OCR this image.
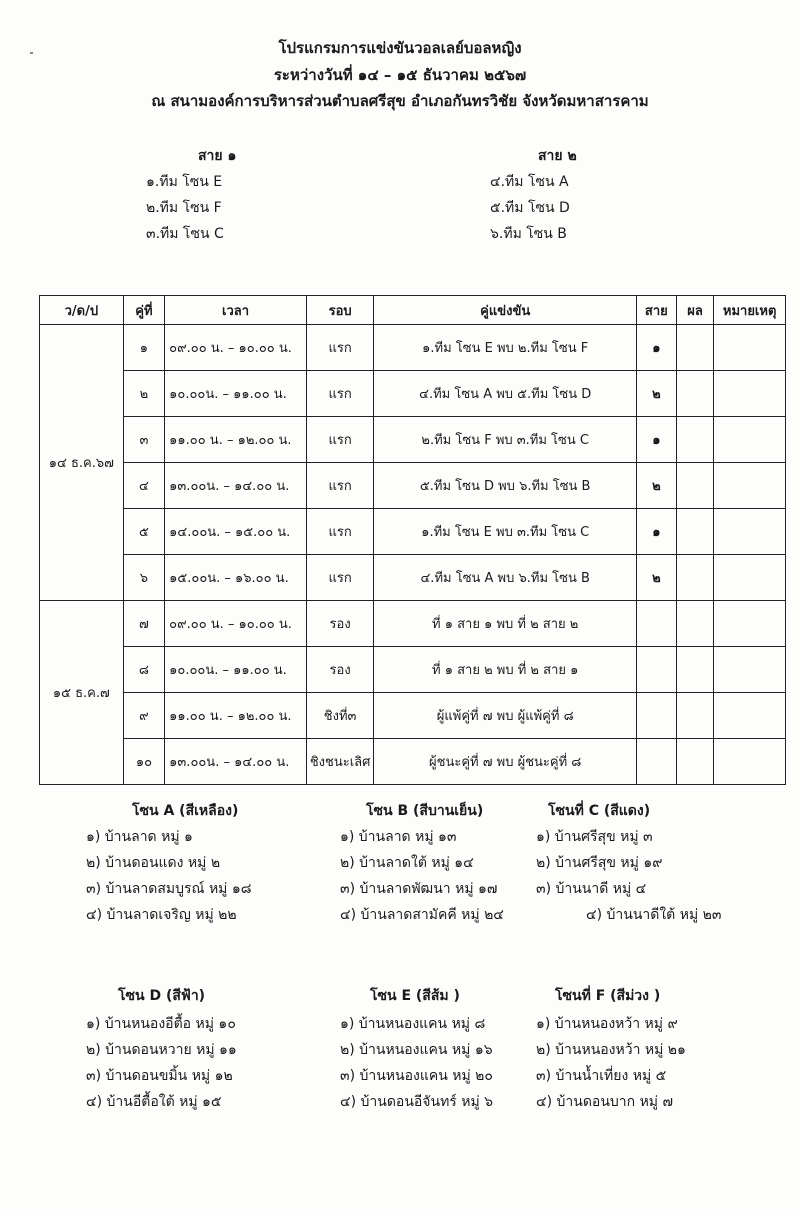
โปรแกรมการแข่งขันวอลเลย์บอลหญิง
ระหว่างวันที่ ๑๔ – ๑๕ ธันวาคม ๒๕๖๗
ณ สนามองค์การบริหารส่วนตำบลศรีสุข อำเภอกันทรวิชัย จังหวัดมหาสารคาม
สาย ๑
๑.ทีม โซน E
๒.ทีม โซน F
๓.ทีม โซน C
สาย ๒
๔.ทีม โซน A
๕.ทีม โซน D
๖.ทีม โซน B
ว/ด/ป	คู่ที่	เวลา	รอบ	คู่แข่งขัน	สาย	ผล	หมายเหตุ
๑๔ ธ.ค.๖๗	๑	๐๙.๐๐ น. – ๑๐.๐๐ น.	แรก	๑.ทีม โซน E พบ ๒.ทีม โซน F	๑		
	๒	๑๐.๐๐น. – ๑๑.๐๐ น.	แรก	๔.ทีม โซน A พบ ๕.ทีม โซน D	๒		
	๓	๑๑.๐๐ น. – ๑๒.๐๐ น.	แรก	๒.ทีม โซน F พบ ๓.ทีม โซน C	๑		
	๔	๑๓.๐๐น. – ๑๔.๐๐ น.	แรก	๕.ทีม โซน D พบ ๖.ทีม โซน B	๒		
	๕	๑๔.๐๐น. – ๑๕.๐๐ น.	แรก	๑.ทีม โซน E พบ ๓.ทีม โซน C	๑		
	๖	๑๕.๐๐น. – ๑๖.๐๐ น.	แรก	๔.ทีม โซน A พบ ๖.ทีม โซน B	๒		
๑๕ ธ.ค.๗	๗	๐๙.๐๐ น. – ๑๐.๐๐ น.	รอง	ที่ ๑ สาย ๑ พบ ที่ ๒ สาย ๒			
	๘	๑๐.๐๐น. – ๑๑.๐๐ น.	รอง	ที่ ๑ สาย ๒ พบ ที่ ๒ สาย ๑			
	๙	๑๑.๐๐ น. – ๑๒.๐๐ น.	ชิงที่๓	ผู้แพ้คู่ที่ ๗ พบ ผู้แพ้คู่ที่ ๘			
	๑๐	๑๓.๐๐น. – ๑๔.๐๐ น.	ชิงชนะเลิศ	ผู้ชนะคู่ที่ ๗ พบ ผู้ชนะคู่ที่ ๘			
โซน A (สีเหลือง)
๑) บ้านลาด หมู่ ๑
๒) บ้านดอนแดง หมู่ ๒
๓) บ้านลาดสมบูรณ์ หมู่ ๑๘
๔) บ้านลาดเจริญ หมู่ ๒๒
โซน B (สีบานเย็น)
๑) บ้านลาด หมู่ ๑๓
๒) บ้านลาดใต้ หมู่ ๑๔
๓) บ้านลาดพัฒนา หมู่ ๑๗
๔) บ้านลาดสามัคคี หมู่ ๒๔
โซนที่ C (สีแดง)
๑) บ้านศรีสุข หมู่ ๓
๒) บ้านศรีสุข หมู่ ๑๙
๓) บ้านนาดี หมู่ ๔
๔) บ้านนาดีใต้ หมู่ ๒๓
โซน D (สีฟ้า)
๑) บ้านหนองอีตื้อ หมู่ ๑๐
๒) บ้านดอนหวาย หมู่ ๑๑
๓) บ้านดอนขมิ้น หมู่ ๑๒
๔) บ้านอีตื้อใต้ หมู่ ๑๕
โซน E (สีส้ม )
๑) บ้านหนองแคน หมู่ ๘
๒) บ้านหนองแคน หมู่ ๑๖
๓) บ้านหนองแคน หมู่ ๒๐
๔) บ้านดอนอีจันทร์ หมู่ ๖
โซนที่ F (สีม่วง )
๑) บ้านหนองหว้า หมู่ ๙
๒) บ้านหนองหว้า หมู่ ๒๑
๓) บ้านน้ำเที่ยง หมู่ ๕
๔) บ้านดอนบาก หมู่ ๗
